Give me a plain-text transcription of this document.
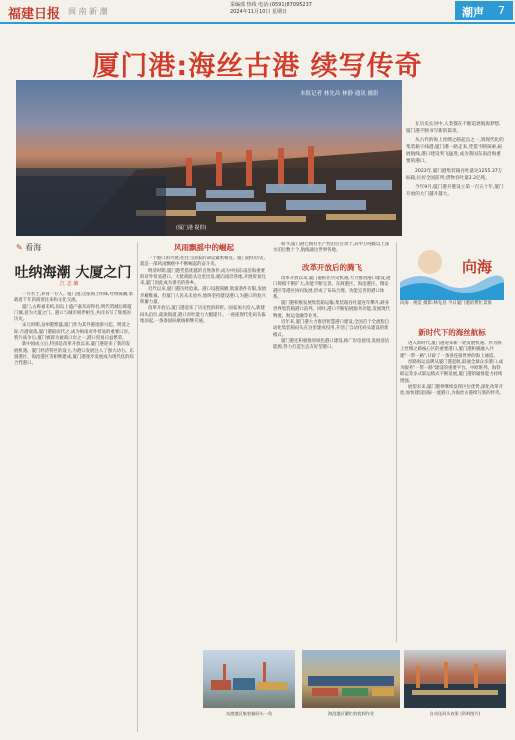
福建日报 闽 南 新 潮
采编部 热线 电话:(0591)87095237
2024年11月10日 星期日	潮声 7
厦门港:海丝古港 续写传奇
本报记者 林先昌 林静 通讯 摄影
(厦门港 提供)

在历史长河中,人类都在不断追逐航海梦想,厦门港不断书写新的篇章。

从古代的海上丝绸之路起点之一,到现代化的集装箱干线港,厦门港一路走来,凭借不断探索,拓展航线,港口建设突飞猛进,成为我国东南沿海重要的港口。

2023年,厦门港集装箱吞吐量达1255.37万标箱,位居全国前列;货物吞吐量2.2亿吨。

今年9月,厦门港开港设立第一百五十年,厦门开放的大门越开越大。

✎ 看海
吐纳海潮 大厦之门
江 志 璘

一方水土,养育一方人。厦门港,这座海上明珠,吐纳海潮,承载着千年的商贸往来和文化交流。

厦门,古称嘉禾屿,因岛上盛产嘉禾而得名;明代筑城后称厦门城,意为大厦之门。港口与城市相伴相生,共同书写了辉煌的历史。

宋元时期,泉州港繁盛,厦门作为其外港逐渐兴起。明清之际,月港衰落,厦门港取而代之,成为闽南对外贸易的重要口岸。鸦片战争后,厦门被辟为通商口岸之一,港口贸易日益繁荣。

新中国成立后,特别是改革开放以来,厦门港迎来了新的发展机遇。厦门经济特区的设立,为港口发展注入了强大动力。东渡港区、海沧港区等相继建成,厦门港逐步发展成为现代化的综合性港口。

风雨飘摇中的崛起

一个港口的兴衰,往往与国家的命运紧密相连。厦门港的历史,就是一部风雨飘摇中不断崛起的奋斗史。

明清时期,厦门港凭借优越的自然条件,成为中国东南沿海重要的对外贸易港口。大批商船从这里出发,驶向南洋各地,开展贸易往来,厦门因此成为著名的侨乡。

近代以来,厦门港历经沧桑。港口设施简陋,航道条件有限,发展步履维艰。但厦门人民从未放弃,始终坚持建设港口,为港口的复兴积蓄力量。

改革开放后,厦门港迎来了历史性的转折。国家加大投入,新建码头泊位,疏浚航道,港口吞吐能力大幅提升。一座座现代化码头拔地而起,一条条国际航线相继开通。

如今,厦门港已拥有生产性泊位百余个,其中万吨级以上深水泊位数十个,航线通达世界各地。

改革开放后的腾飞

改革开放以来,厦门港抓住历史机遇,大力推进港口建设,港口规模不断扩大,功能不断完善。东渡港区、海沧港区、翔安港区等港区协同发展,形成了布局合理、功能完善的港口体系。

厦门港积极发展集装箱运输,集装箱吞吐量连年攀升,跻身世界集装箱港口前列。同时,港口不断拓展服务功能,发展现代物流、航运金融等业务。

近年来,厦门港大力推进智慧港口建设,全国首个全流程自动化集装箱码头在这里建成投用,开创了自动化码头建设的新模式。

厦门港还积极推进绿色港口建设,推广岸电使用,发展清洁能源,努力打造生态友好型港口。

向海
向海 · 视觉 摄影:林先昌 今日厦门港的繁忙景象
新时代下的海丝航标

进入新时代,厦门港迎来新一轮发展机遇。作为海上丝绸之路核心区的重要港口,厦门港积极融入共建"一带一路",开辟了一条条连接世界的海上通道。

丝路海运品牌从厦门港起航,联通全球众多港口,成为服务"一带一路"建设的重要平台。中欧班列、海铁联运等多式联运模式不断发展,厦门港的辐射能力持续增强。

展望未来,厦门港将继续发挥区位优势,深化改革开放,加快建设国际一流港口,为海丝古港续写新的传奇。

东渡港区集装箱码头一角	海沧港区繁忙的装卸作业	自动化码头夜景 (资料图片)
